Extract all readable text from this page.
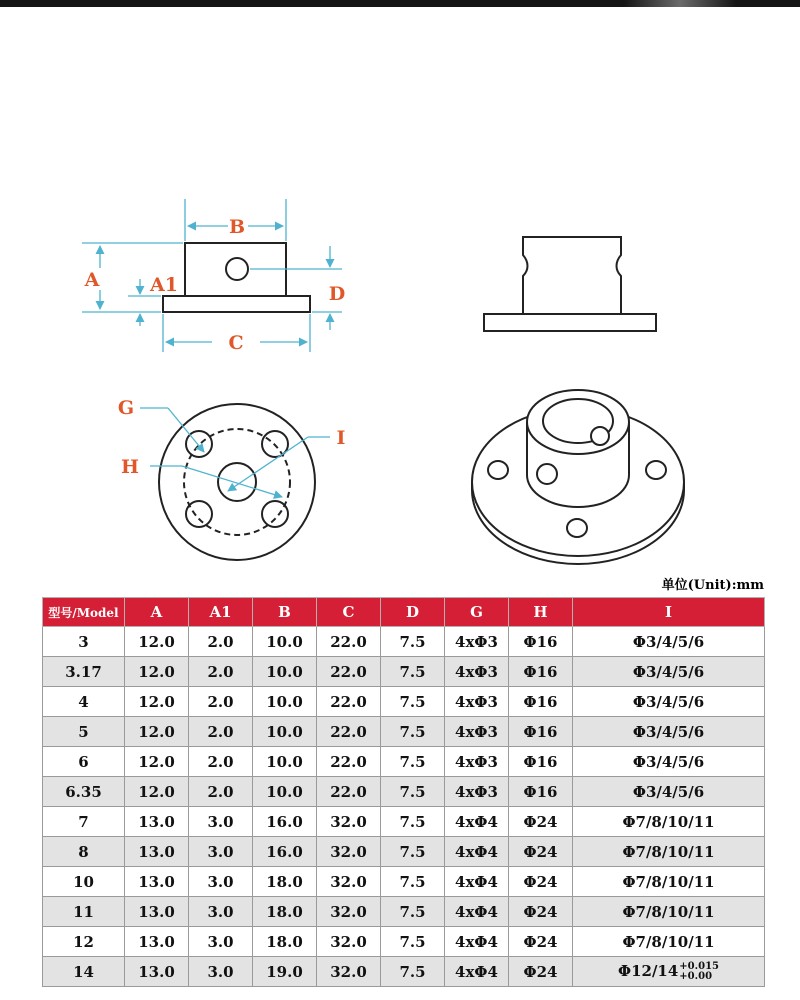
B
A	A1
C
D
G
H
I
单位(Unit):mm
型号/Model	A	A1	B	C	D	G	H	I
3	12.0	2.0	10.0	22.0	7.5	4xΦ3	Φ16	Φ3/4/5/6
3.17	12.0	2.0	10.0	22.0	7.5	4xΦ3	Φ16	Φ3/4/5/6
4	12.0	2.0	10.0	22.0	7.5	4xΦ3	Φ16	Φ3/4/5/6
5	12.0	2.0	10.0	22.0	7.5	4xΦ3	Φ16	Φ3/4/5/6
6	12.0	2.0	10.0	22.0	7.5	4xΦ3	Φ16	Φ3/4/5/6
6.35	12.0	2.0	10.0	22.0	7.5	4xΦ3	Φ16	Φ3/4/5/6
7	13.0	3.0	16.0	32.0	7.5	4xΦ4	Φ24	Φ7/8/10/11
8	13.0	3.0	16.0	32.0	7.5	4xΦ4	Φ24	Φ7/8/10/11
10	13.0	3.0	18.0	32.0	7.5	4xΦ4	Φ24	Φ7/8/10/11
11	13.0	3.0	18.0	32.0	7.5	4xΦ4	Φ24	Φ7/8/10/11
12	13.0	3.0	18.0	32.0	7.5	4xΦ4	Φ24	Φ7/8/10/11
14	13.0	3.0	19.0	32.0	7.5	4xΦ4	Φ24	Φ12/14 +0.015
+0.00
